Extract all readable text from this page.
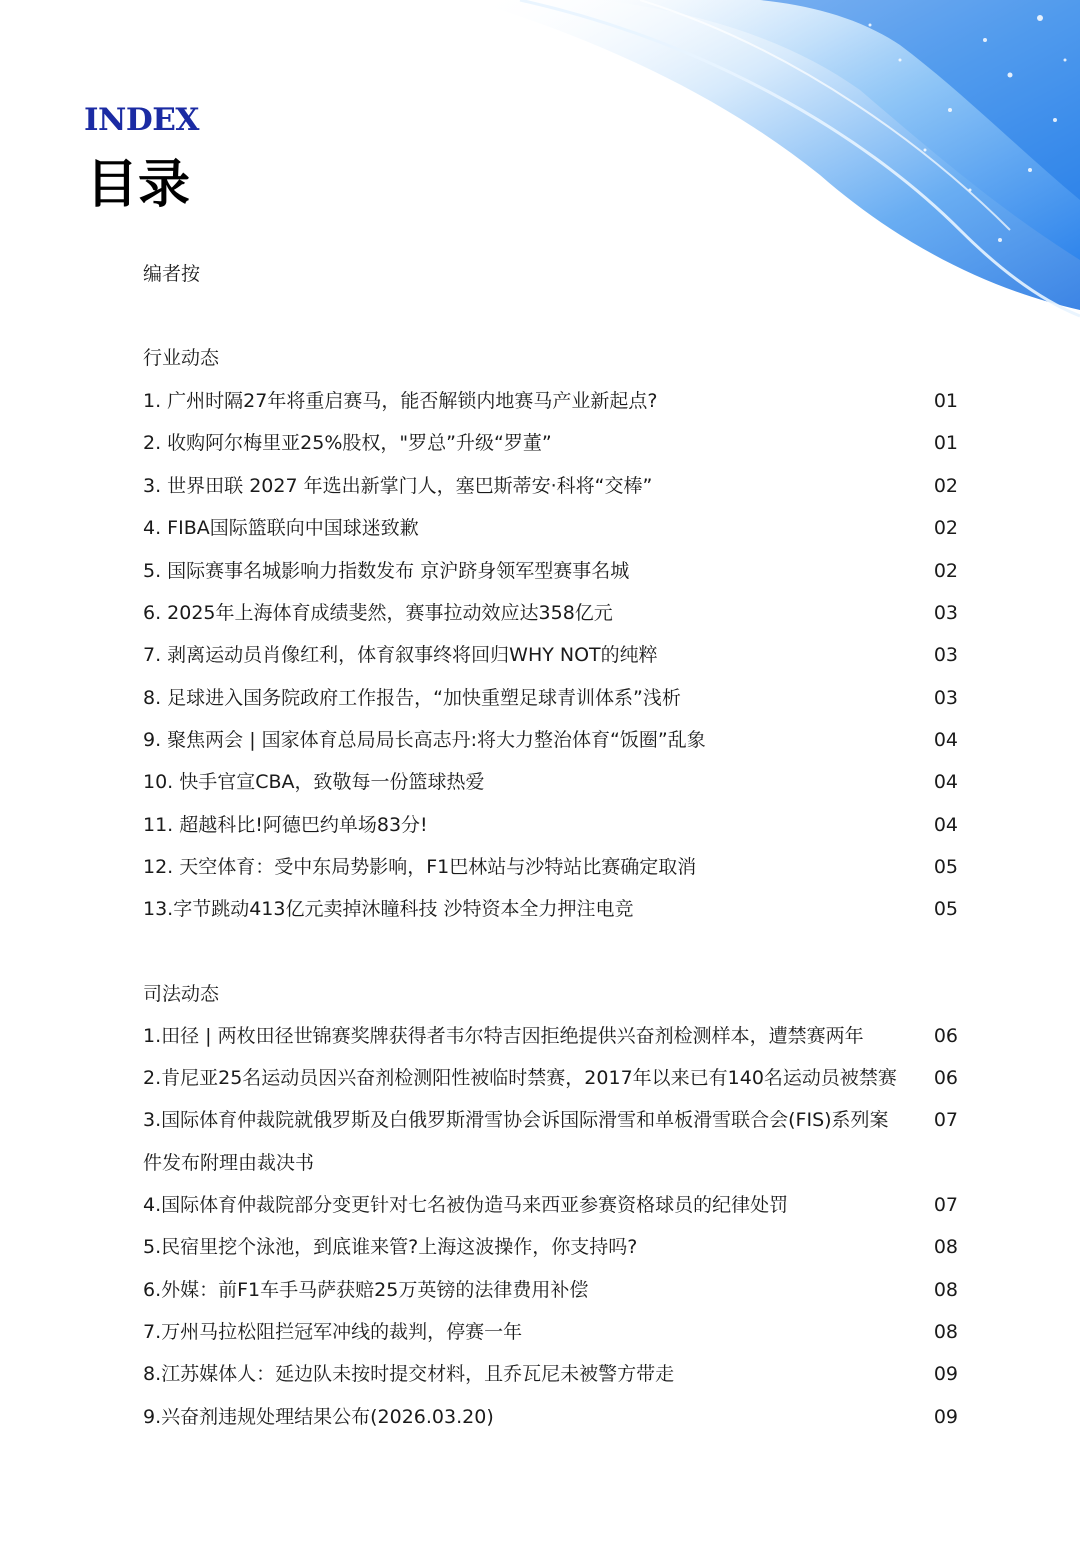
INDEX
目录
编者按
行业动态
1. 广州时隔27年将重启赛马，能否解锁内地赛马产业新起点?	01
2. 收购阿尔梅里亚25%股权，"罗总”升级“罗董”	01
3. 世界田联 2027 年选出新掌门人，塞巴斯蒂安·科将“交棒”	02
4. FIBA国际篮联向中国球迷致歉	02
5. 国际赛事名城影响力指数发布 京沪跻身领军型赛事名城	02
6. 2025年上海体育成绩斐然，赛事拉动效应达358亿元	03
7. 剥离运动员肖像红利，体育叙事终将回归WHY NOT的纯粹	03
8. 足球进入国务院政府工作报告，“加快重塑足球青训体系”浅析	03
9. 聚焦两会 | 国家体育总局局长高志丹:将大力整治体育“饭圈”乱象	04
10. 快手官宣CBA，致敬每一份篮球热爱	04
11. 超越科比!阿德巴约单场83分!	04
12. 天空体育：受中东局势影响，F1巴林站与沙特站比赛确定取消	05
13.字节跳动413亿元卖掉沐瞳科技 沙特资本全力押注电竞	05
司法动态
1.田径 | 两枚田径世锦赛奖牌获得者韦尔特吉因拒绝提供兴奋剂检测样本，遭禁赛两年	06
2.肯尼亚25名运动员因兴奋剂检测阳性被临时禁赛，2017年以来已有140名运动员被禁赛 06
3.国际体育仲裁院就俄罗斯及白俄罗斯滑雪协会诉国际滑雪和单板滑雪联合会(FIS)系列案 07
件发布附理由裁决书
4.国际体育仲裁院部分变更针对七名被伪造马来西亚参赛资格球员的纪律处罚	07
5.民宿里挖个泳池，到底谁来管?上海这波操作，你支持吗?	08
6.外媒：前F1车手马萨获赔25万英镑的法律费用补偿	08
7.万州马拉松阻拦冠军冲线的裁判，停赛一年	08
8.江苏媒体人：延边队未按时提交材料，且乔瓦尼未被警方带走	09
9.兴奋剂违规处理结果公布(2026.03.20)	09
